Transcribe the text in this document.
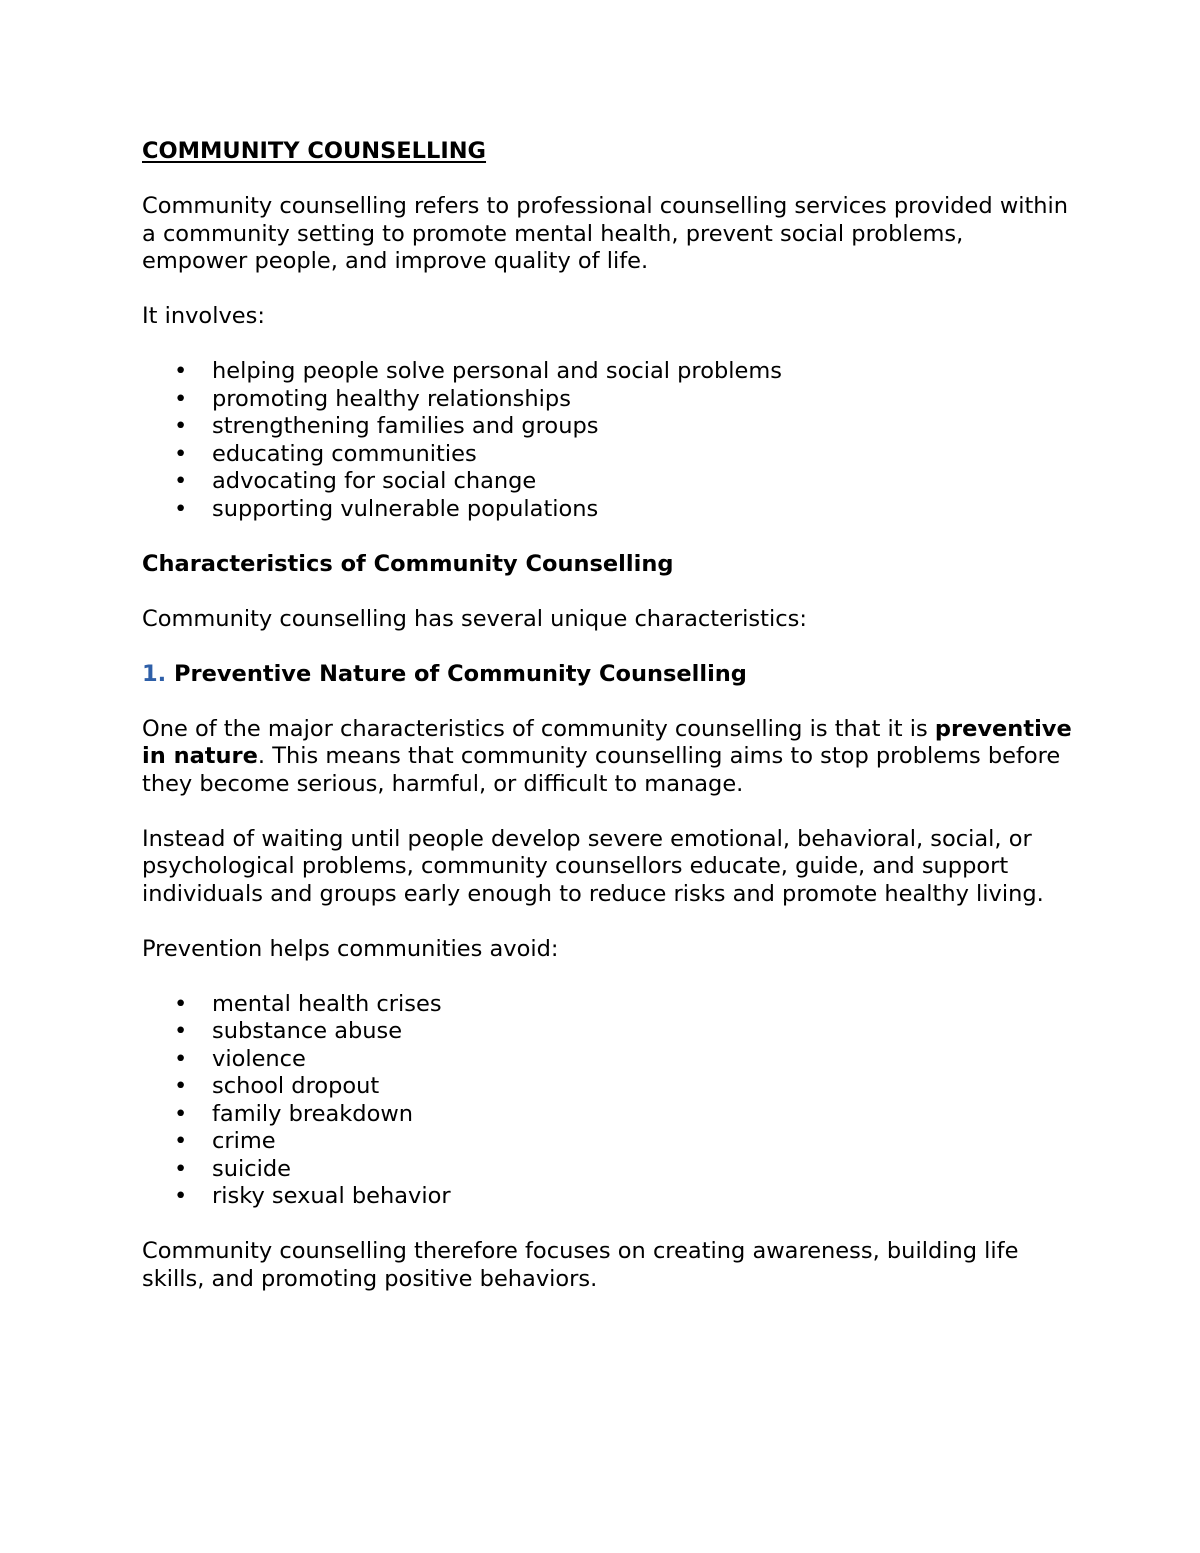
COMMUNITY COUNSELLING

Community counselling refers to professional counselling services provided within a community setting to promote mental health, prevent social problems, empower people, and improve quality of life.

It involves:

• helping people solve personal and social problems
• promoting healthy relationships
• strengthening families and groups
• educating communities
• advocating for social change
• supporting vulnerable populations

Characteristics of Community Counselling

Community counselling has several unique characteristics:

1. Preventive Nature of Community Counselling

One of the major characteristics of community counselling is that it is preventive in nature. This means that community counselling aims to stop problems before they become serious, harmful, or difficult to manage.

Instead of waiting until people develop severe emotional, behavioral, social, or psychological problems, community counsellors educate, guide, and support individuals and groups early enough to reduce risks and promote healthy living.

Prevention helps communities avoid:

• mental health crises
• substance abuse
• violence
• school dropout
• family breakdown
• crime
• suicide
• risky sexual behavior

Community counselling therefore focuses on creating awareness, building life skills, and promoting positive behaviors.
